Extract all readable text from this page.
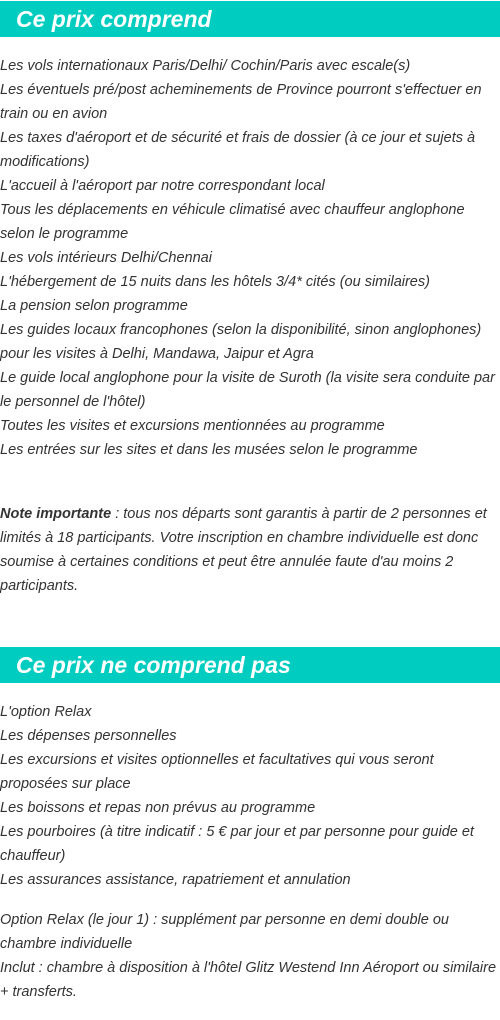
Ce prix comprend
Les vols internationaux Paris/Delhi/ Cochin/Paris avec escale(s)
Les éventuels pré/post acheminements de Province pourront s'effectuer en train ou en avion
Les taxes d'aéroport et de sécurité et frais de dossier (à ce jour et sujets à modifications)
L'accueil à l'aéroport par notre correspondant local
Tous les déplacements en véhicule climatisé avec chauffeur anglophone selon le programme
Les vols intérieurs Delhi/Chennai
L'hébergement de 15 nuits dans les hôtels 3/4* cités (ou similaires)
La pension selon programme
Les guides locaux francophones (selon la disponibilité, sinon anglophones) pour les visites à Delhi, Mandawa, Jaipur et Agra
Le guide local anglophone pour la visite de Suroth (la visite sera conduite par le personnel de l'hôtel)
Toutes les visites et excursions mentionnées au programme
Les entrées sur les sites et dans les musées selon le programme

Note importante : tous nos départs sont garantis à partir de 2 personnes et limités à 18 participants. Votre inscription en chambre individuelle est donc soumise à certaines conditions et peut être annulée faute d'au moins 2 participants.

Ce prix ne comprend pas
L'option Relax
Les dépenses personnelles
Les excursions et visites optionnelles et facultatives qui vous seront proposées sur place
Les boissons et repas non prévus au programme
Les pourboires (à titre indicatif : 5 € par jour et par personne pour guide et chauffeur)
Les assurances assistance, rapatriement et annulation

Option Relax (le jour 1) : supplément par personne en demi double ou chambre individuelle

Inclut : chambre à disposition à l'hôtel Glitz Westend Inn Aéroport ou similaire + transferts.
